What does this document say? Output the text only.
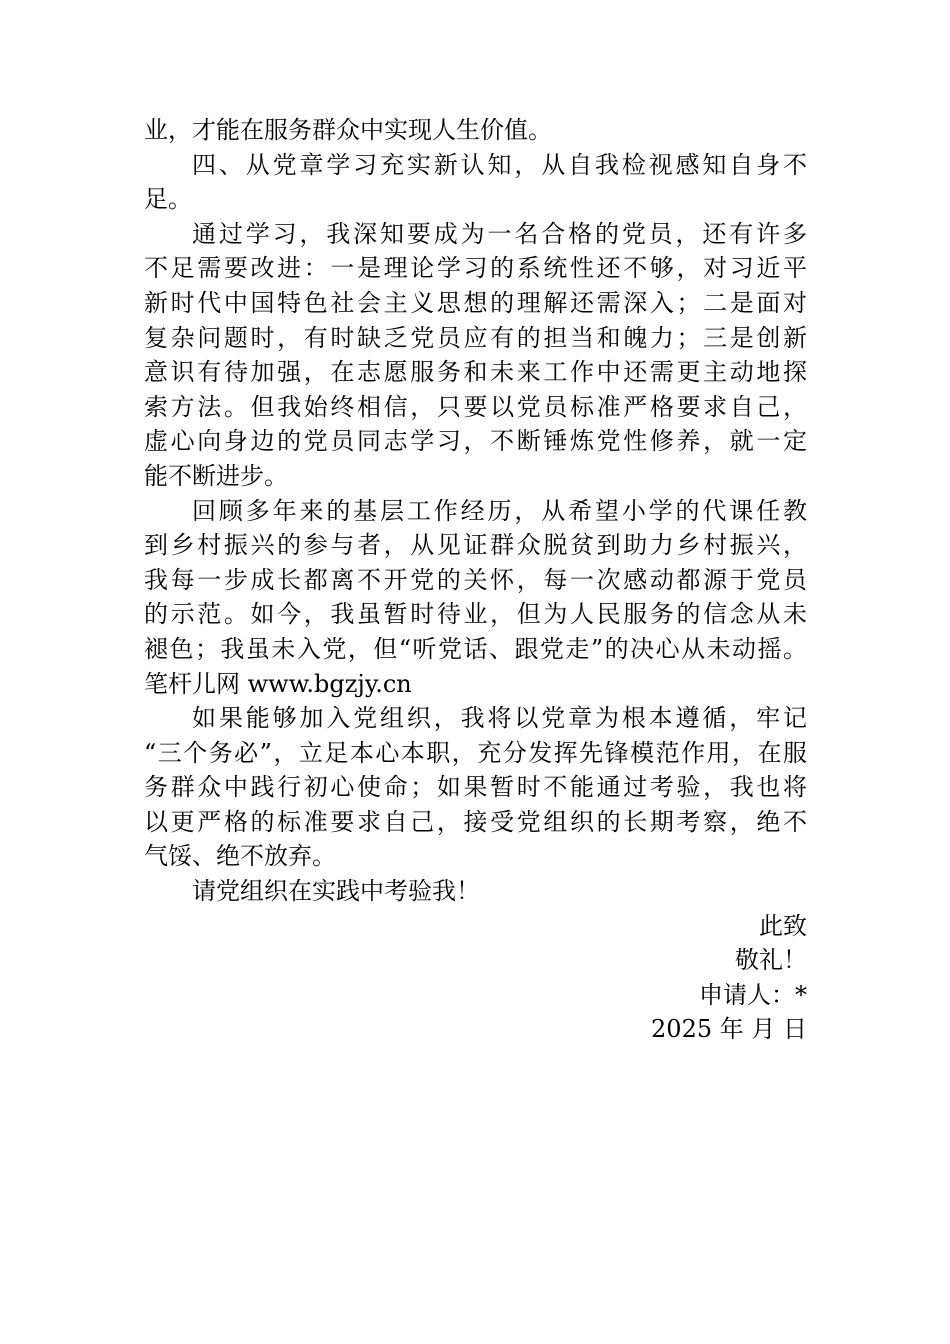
业，才能在服务群众中实现人生价值。
四、从党章学习充实新认知，从自我检视感知自身不
足。
通过学习，我深知要成为一名合格的党员，还有许多
不足需要改进：一是理论学习的系统性还不够，对习近平
新时代中国特色社会主义思想的理解还需深入；二是面对
复杂问题时，有时缺乏党员应有的担当和魄力；三是创新
意识有待加强，在志愿服务和未来工作中还需更主动地探
索方法。但我始终相信，只要以党员标准严格要求自己，
虚心向身边的党员同志学习，不断锤炼党性修养，就一定
能不断进步。
回顾多年来的基层工作经历，从希望小学的代课任教
到乡村振兴的参与者，从见证群众脱贫到助力乡村振兴，
我每一步成长都离不开党的关怀，每一次感动都源于党员
的示范。如今，我虽暂时待业，但为人民服务的信念从未
褪色；我虽未入党，但“听党话、跟党走”的决心从未动摇。
笔杆儿网 www.bgzjy.cn
如果能够加入党组织，我将以党章为根本遵循，牢记
“三个务必”，立足本心本职，充分发挥先锋模范作用，在服
务群众中践行初心使命；如果暂时不能通过考验，我也将
以更严格的标准要求自己，接受党组织的长期考察，绝不
气馁、绝不放弃。
请党组织在实践中考验我！
此致
敬礼！
申请人：*
2025 年 月 日
